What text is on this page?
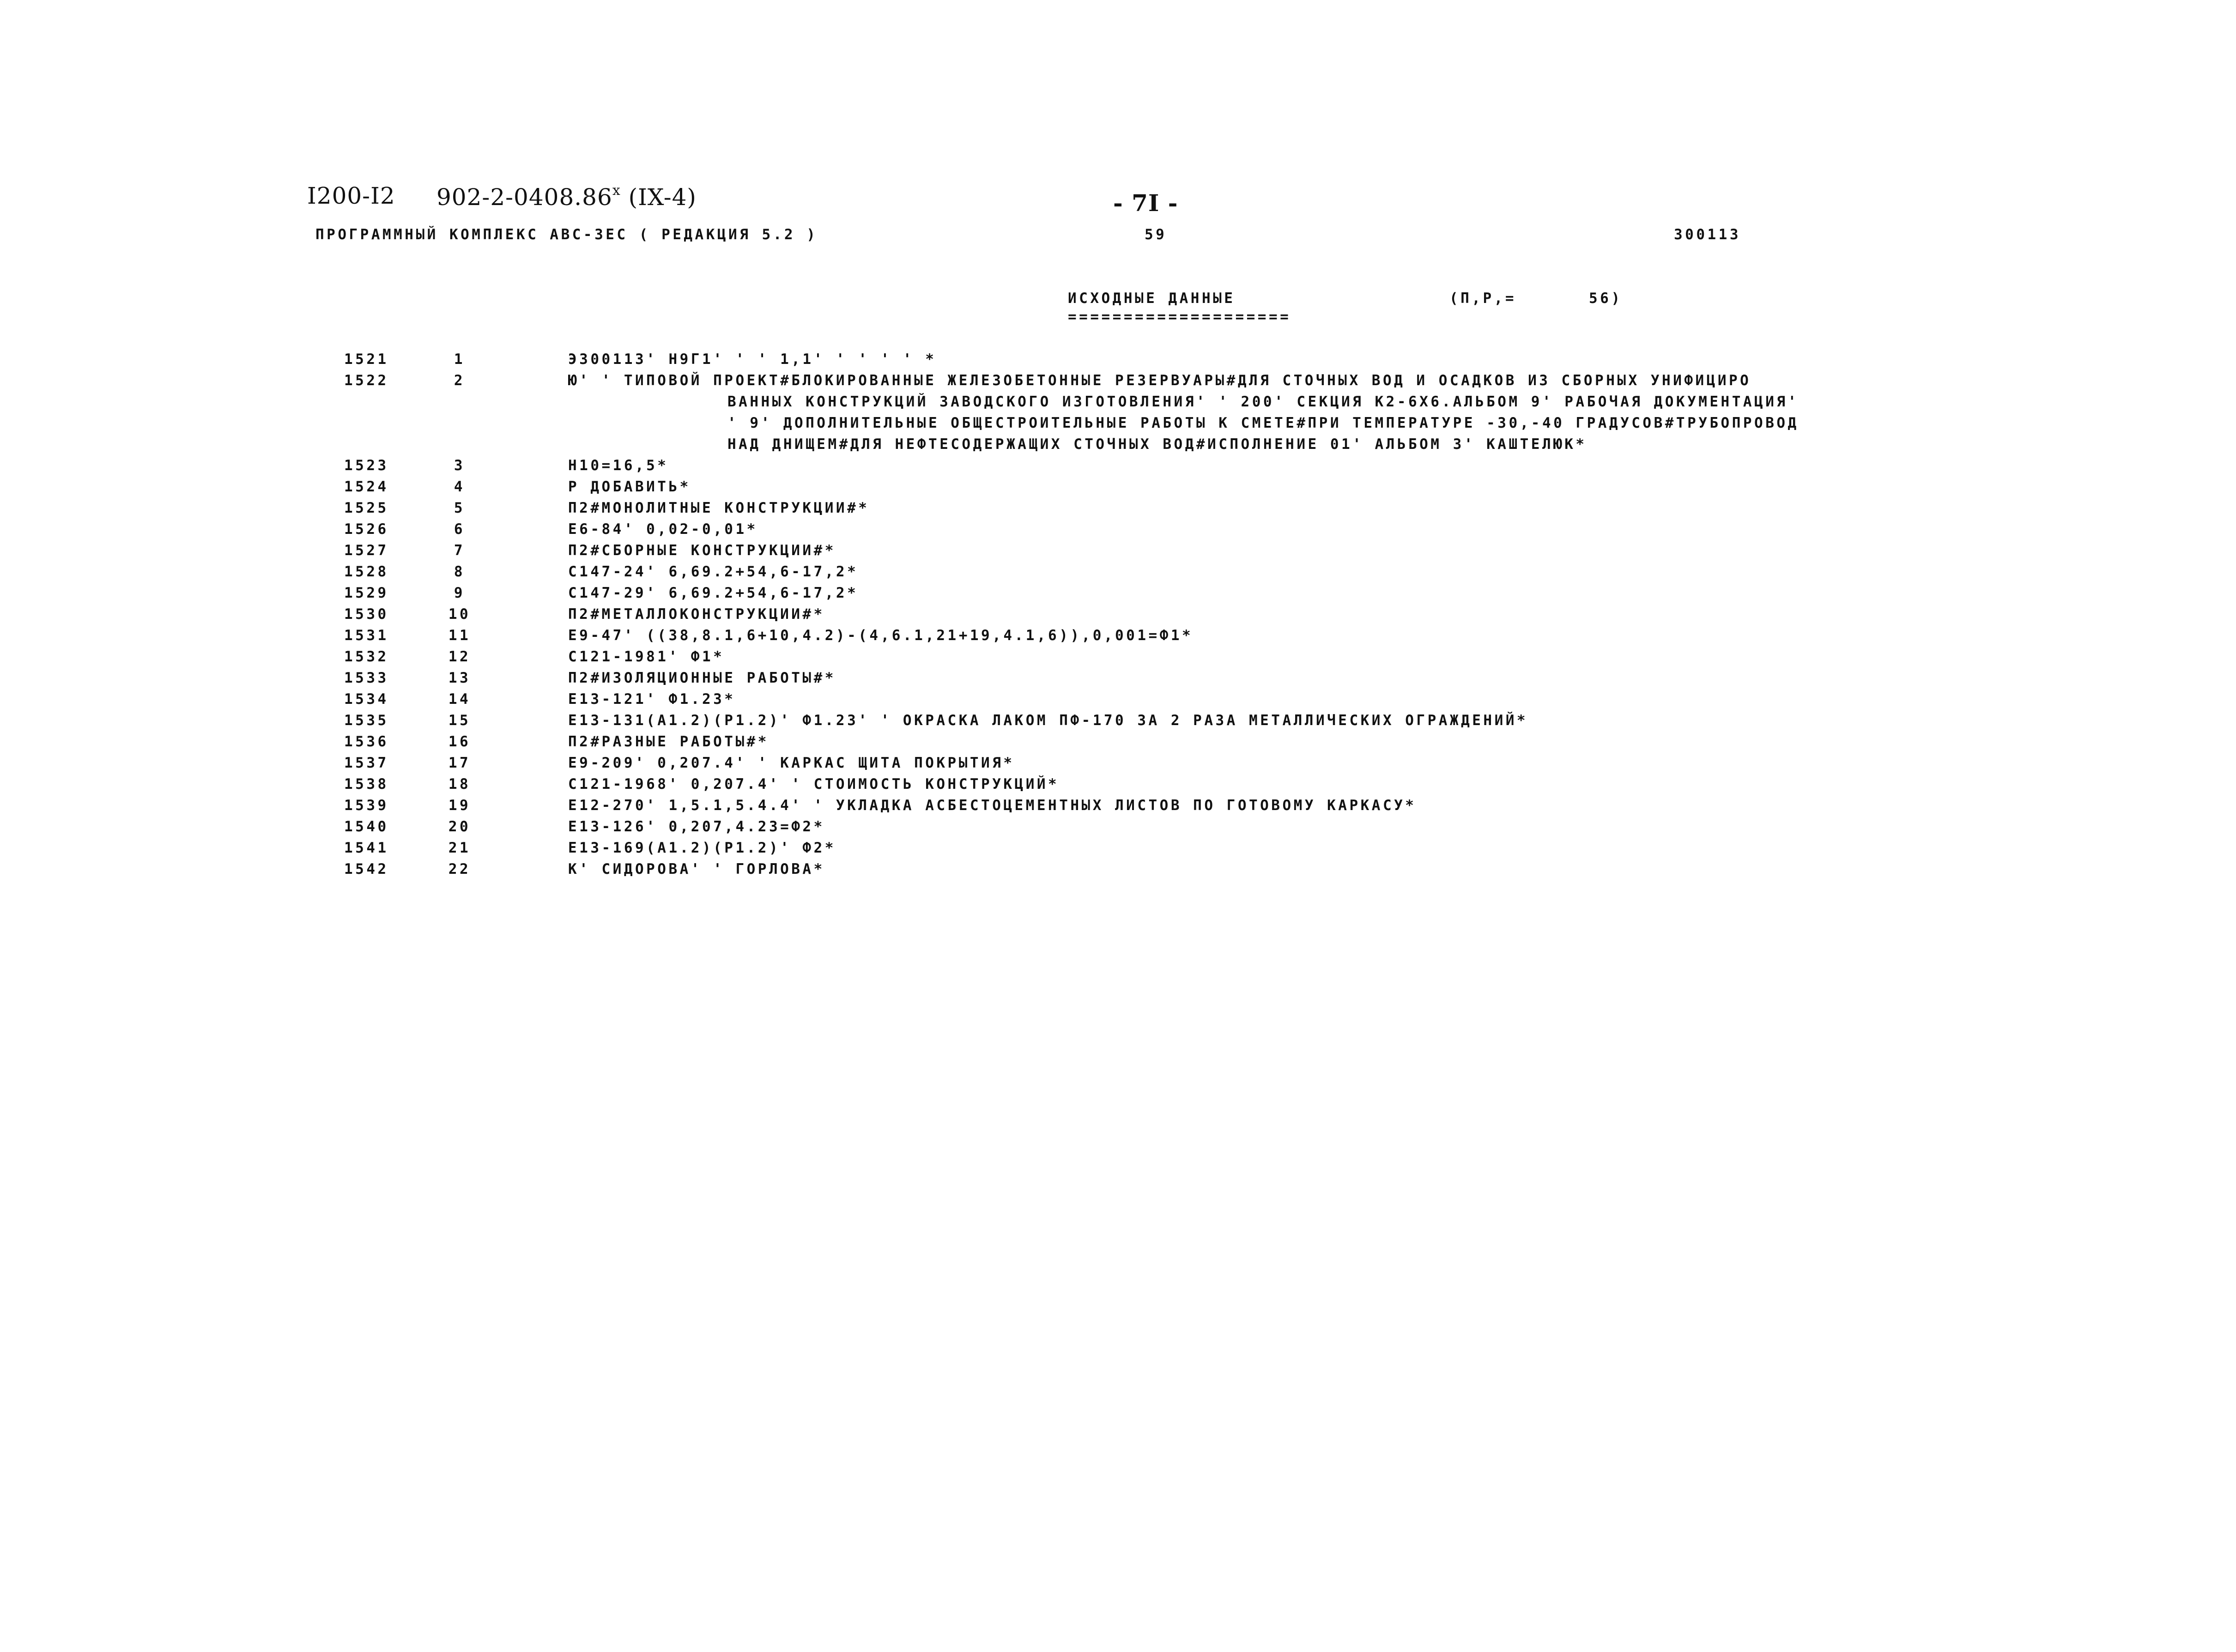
I200-I2 902-2-0408.86$^x$ (IX-4)	- 7I -
ПРОГРАММНЫЙ КОМПЛЕКС АВС-3ЕС ( РЕДАКЦИЯ 5.2 )	59	300113
ИСХОДНЫЕ ДАННЫЕ
====================
(П,Р,=	56)
1521	1	Э300113' Н9Г1' ' ' 1,1' ' ' ' ' *
1522	2	Ю' ' ТИПОВОЙ ПРОЕКТ#БЛОКИРОВАННЫЕ ЖЕЛЕЗОБЕТОННЫЕ РЕЗЕРВУАРЫ#ДЛЯ СТОЧНЫХ ВОД И ОСАДКОВ ИЗ СБОРНЫХ УНИФИЦИРО
ВАННЫХ КОНСТРУКЦИЙ ЗАВОДСКОГО ИЗГОТОВЛЕНИЯ' ' 200' СЕКЦИЯ К2-6Х6.АЛЬБОМ 9' РАБОЧАЯ ДОКУМЕНТАЦИЯ'
' 9' ДОПОЛНИТЕЛЬНЫЕ ОБЩЕСТРОИТЕЛЬНЫЕ РАБОТЫ К СМЕТЕ#ПРИ ТЕМПЕРАТУРЕ -30,-40 ГРАДУСОВ#ТРУБОПРОВОД
НАД ДНИЩЕМ#ДЛЯ НЕФТЕСОДЕРЖАЩИХ СТОЧНЫХ ВОД#ИСПОЛНЕНИЕ 01' АЛЬБОМ 3' КАШТЕЛЮК*
1523	3	Н10=16,5*
1524	4	Р ДОБАВИТЬ*
1525	5	П2#МОНОЛИТНЫЕ КОНСТРУКЦИИ#*
1526	6	Е6-84' 0,02-0,01*
1527	7	П2#СБОРНЫЕ КОНСТРУКЦИИ#*
1528	8	С147-24' 6,69.2+54,6-17,2*
1529	9	С147-29' 6,69.2+54,6-17,2*
1530	10	П2#МЕТАЛЛОКОНСТРУКЦИИ#*
1531	11	Е9-47' ((38,8.1,6+10,4.2)-(4,6.1,21+19,4.1,6)),0,001=Ф1*
1532	12	С121-1981' Ф1*
1533	13	П2#ИЗОЛЯЦИОННЫЕ РАБОТЫ#*
1534	14	Е13-121' Ф1.23*
1535	15	Е13-131(А1.2)(Р1.2)' Ф1.23' ' ОКРАСКА ЛАКОМ ПФ-170 ЗА 2 РАЗА МЕТАЛЛИЧЕСКИХ ОГРАЖДЕНИЙ*
1536	16	П2#РАЗНЫЕ РАБОТЫ#*
1537	17	Е9-209' 0,207.4' ' КАРКАС ЩИТА ПОКРЫТИЯ*
1538	18	С121-1968' 0,207.4' ' СТОИМОСТЬ КОНСТРУКЦИЙ*
1539	19	Е12-270' 1,5.1,5.4.4' ' УКЛАДКА АСБЕСТОЦЕМЕНТНЫХ ЛИСТОВ ПО ГОТОВОМУ КАРКАСУ*
1540	20	Е13-126' 0,207,4.23=Ф2*
1541	21	Е13-169(А1.2)(Р1.2)' Ф2*
1542	22	К' СИДОРОВА' ' ГОРЛОВА*
